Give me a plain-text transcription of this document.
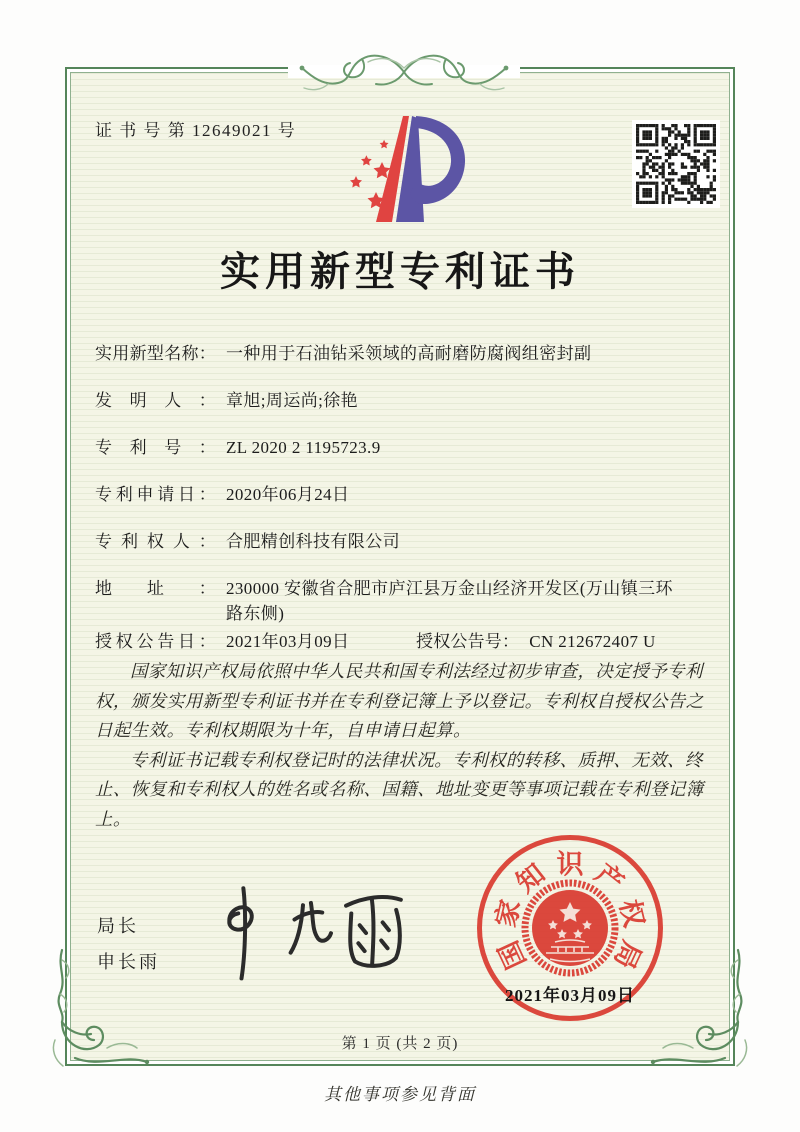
证 书 号 第 12649021 号
实用新型专利证书
实用新型名称： 一种用于石油钻采领域的高耐磨防腐阀组密封副
发明人： 章旭;周运尚;徐艳
专利号： ZL 2020 2 1195723.9
专利申请日： 2020年06月24日
专利权人： 合肥精创科技有限公司
地址： 230000 安徽省合肥市庐江县万金山经济开发区(万山镇三环路东侧)
授权公告日： 2021年03月09日	授权公告号： CN 212672407 U

国家知识产权局依照中华人民共和国专利法经过初步审查，决定授予专利权，颁发实用新型专利证书并在专利登记簿上予以登记。专利权自授权公告之日起生效。专利权期限为十年，自申请日起算。

专利证书记载专利权登记时的法律状况。专利权的转移、质押、无效、终止、恢复和专利权人的姓名或名称、国籍、地址变更等事项记载在专利登记簿上。

局长
申长雨	国
家
知 识 产
权
局
2021年03月09日
第 1 页 (共 2 页)
其他事项参见背面
